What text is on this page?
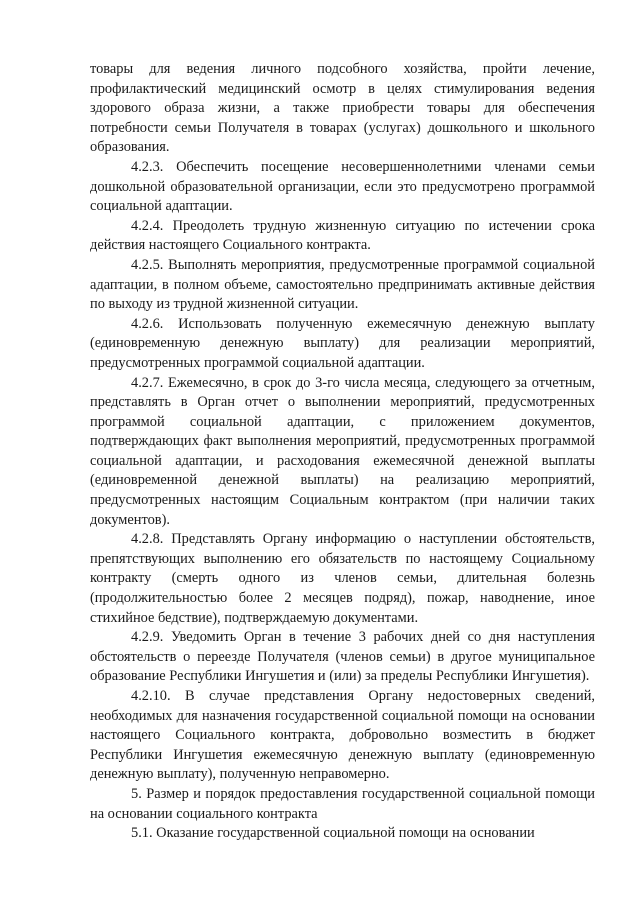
товары для ведения личного подсобного хозяйства, пройти лечение, профилактический медицинский осмотр в целях стимулирования ведения здорового образа жизни, а также приобрести товары для обеспечения потребности семьи Получателя в товарах (услугах) дошкольного и школьного образования.

4.2.3. Обеспечить посещение несовершеннолетними членами семьи дошкольной образовательной организации, если это предусмотрено программой социальной адаптации.

4.2.4. Преодолеть трудную жизненную ситуацию по истечении срока действия настоящего Социального контракта.

4.2.5. Выполнять мероприятия, предусмотренные программой социальной адаптации, в полном объеме, самостоятельно предпринимать активные действия по выходу из трудной жизненной ситуации.

4.2.6. Использовать полученную ежемесячную денежную выплату (единовременную денежную выплату) для реализации мероприятий, предусмотренных программой социальной адаптации.

4.2.7. Ежемесячно, в срок до 3-го числа месяца, следующего за отчетным, представлять в Орган отчет о выполнении мероприятий, предусмотренных программой социальной адаптации, с приложением документов, подтверждающих факт выполнения мероприятий, предусмотренных программой социальной адаптации, и расходования ежемесячной денежной выплаты (единовременной денежной выплаты) на реализацию мероприятий, предусмотренных настоящим Социальным контрактом (при наличии таких документов).

4.2.8. Представлять Органу информацию о наступлении обстоятельств, препятствующих выполнению его обязательств по настоящему Социальному контракту (смерть одного из членов семьи, длительная болезнь (продолжительностью более 2 месяцев подряд), пожар, наводнение, иное стихийное бедствие), подтверждаемую документами.

4.2.9. Уведомить Орган в течение 3 рабочих дней со дня наступления обстоятельств о переезде Получателя (членов семьи) в другое муниципальное образование Республики Ингушетия и (или) за пределы Республики Ингушетия).

4.2.10. В случае представления Органу недостоверных сведений, необходимых для назначения государственной социальной помощи на основании настоящего Социального контракта, добровольно возместить в бюджет Республики Ингушетия ежемесячную денежную выплату (единовременную денежную выплату), полученную неправомерно.

5. Размер и порядок предоставления государственной социальной помощи на основании социального контракта

5.1. Оказание государственной социальной помощи на основании
